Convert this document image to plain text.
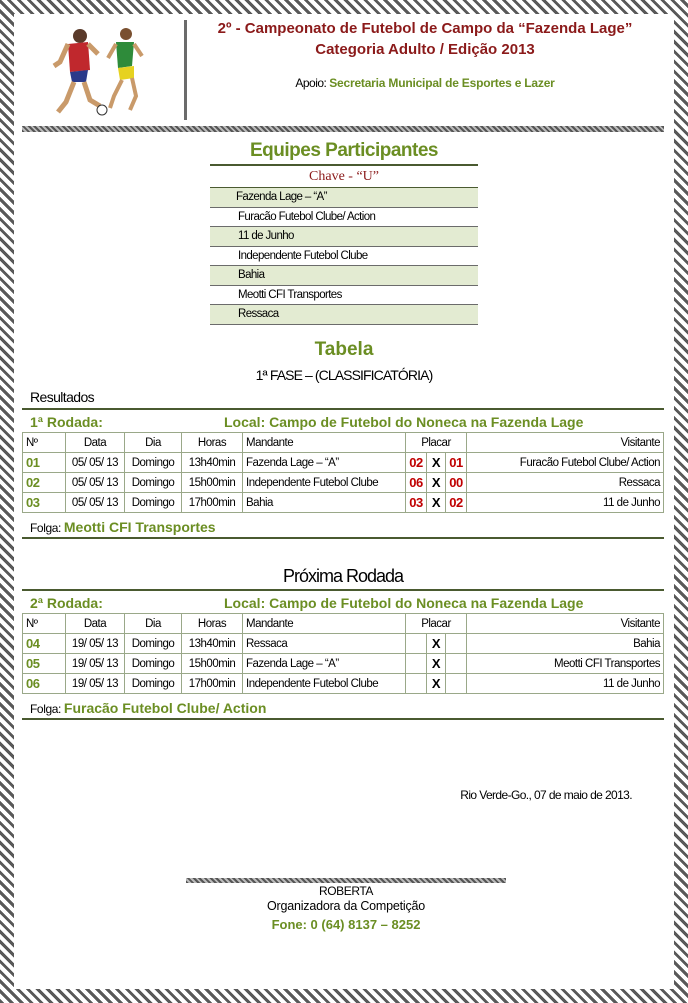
2º - Campeonato de Futebol de Campo da “Fazenda Lage”
Categoria Adulto / Edição 2013
Apoio: Secretaria Municipal de Esportes e Lazer
Equipes Participantes
Chave - “U”
Fazenda Lage – “A”
Furacão Futebol Clube/ Action
11 de Junho
Independente Futebol Clube
Bahia
Meotti CFI Transportes
Ressaca
Tabela
1ª FASE – (CLASSIFICATÓRIA)
Resultados
1ª Rodada:	Local: Campo de Futebol do Noneca na Fazenda Lage
Nº	Data	Dia	Horas	Mandante	Placar			Visitante
01	05/ 05/ 13	Domingo	13h40min	Fazenda Lage – “A”	02	X	01	Furacão Futebol Clube/ Action
02	05/ 05/ 13	Domingo	15h00min	Independente Futebol Clube	06	X	00	Ressaca
03	05/ 05/ 13	Domingo	17h00min	Bahia	03	X	02	11 de Junho
Folga: Meotti CFI Transportes
Próxima Rodada
2ª Rodada:	Local: Campo de Futebol do Noneca na Fazenda Lage
Nº	Data	Dia	Horas	Mandante	Placar			Visitante
04	19/ 05/ 13	Domingo	13h40min	Ressaca		X		Bahia
05	19/ 05/ 13	Domingo	15h00min	Fazenda Lage – “A”		X		Meotti CFI Transportes
06	19/ 05/ 13	Domingo	17h00min	Independente Futebol Clube		X		11 de Junho
Folga: Furacão Futebol Clube/ Action
Rio Verde-Go., 07 de maio de 2013.
ROBERTA
Organizadora da Competição
Fone: 0 (64) 8137 – 8252
